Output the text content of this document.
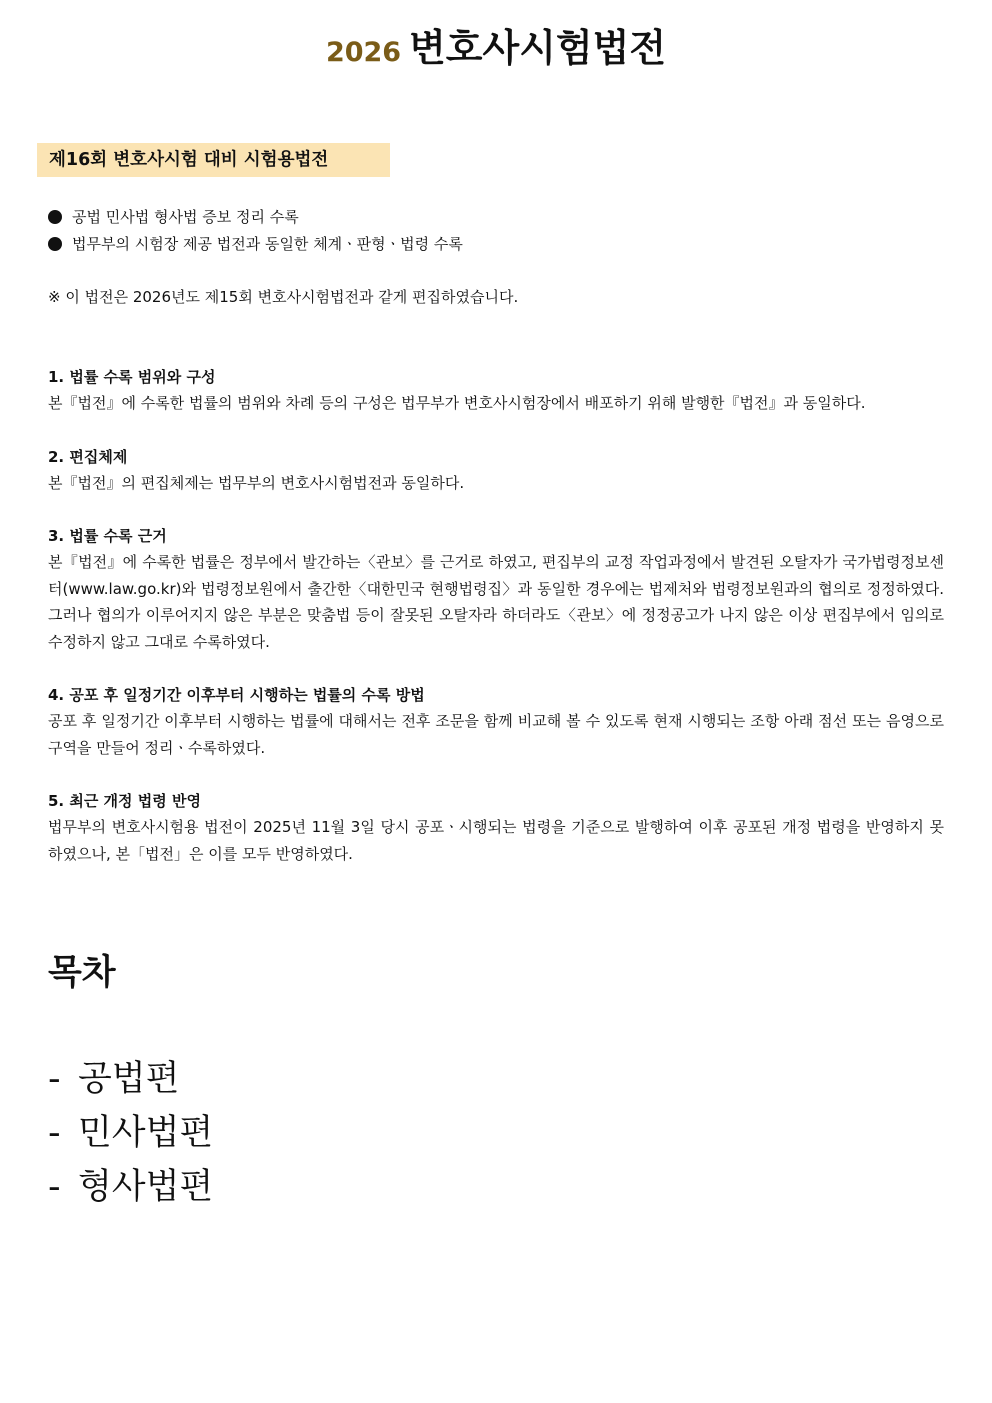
2026 변호사시험법전
제16회 변호사시험 대비 시험용법전
공법 민사법 형사법 증보 정리 수록
법무부의 시험장 제공 법전과 동일한 체계ㆍ판형ㆍ법령 수록
※ 이 법전은 2026년도 제15회 변호사시험법전과 같게 편집하였습니다.
1. 법률 수록 범위와 구성

본『법전』에 수록한 법률의 범위와 차례 등의 구성은 법무부가 변호사시험장에서 배포하기 위해 발행한『법전』과 동일하다.

2. 편집체제

본『법전』의 편집체제는 법무부의 변호사시험법전과 동일하다.

3. 법률 수록 근거

본『법전』에 수록한 법률은 정부에서 발간하는〈관보〉를 근거로 하였고, 편집부의 교정 작업과정에서 발견된 오탈자가 국가법령정보센터(www.law.go.kr)와 법령정보원에서 출간한〈대한민국 현행법령집〉과 동일한 경우에는 법제처와 법령정보원과의 협의로 정정하였다. 그러나 협의가 이루어지지 않은 부분은 맞춤법 등이 잘못된 오탈자라 하더라도〈관보〉에 정정공고가 나지 않은 이상 편집부에서 임의로 수정하지 않고 그대로 수록하였다.

4. 공포 후 일정기간 이후부터 시행하는 법률의 수록 방법

공포 후 일정기간 이후부터 시행하는 법률에 대해서는 전후 조문을 함께 비교해 볼 수 있도록 현재 시행되는 조항 아래 점선 또는 음영으로 구역을 만들어 정리ㆍ수록하였다.

5. 최근 개정 법령 반영

법무부의 변호사시험용 법전이 2025년 11월 3일 당시 공포ㆍ시행되는 법령을 기준으로 발행하여 이후 공포된 개정 법령을 반영하지 못하였으나, 본「법전」은 이를 모두 반영하였다.

목차
- 공법편
- 민사법편
- 형사법편
